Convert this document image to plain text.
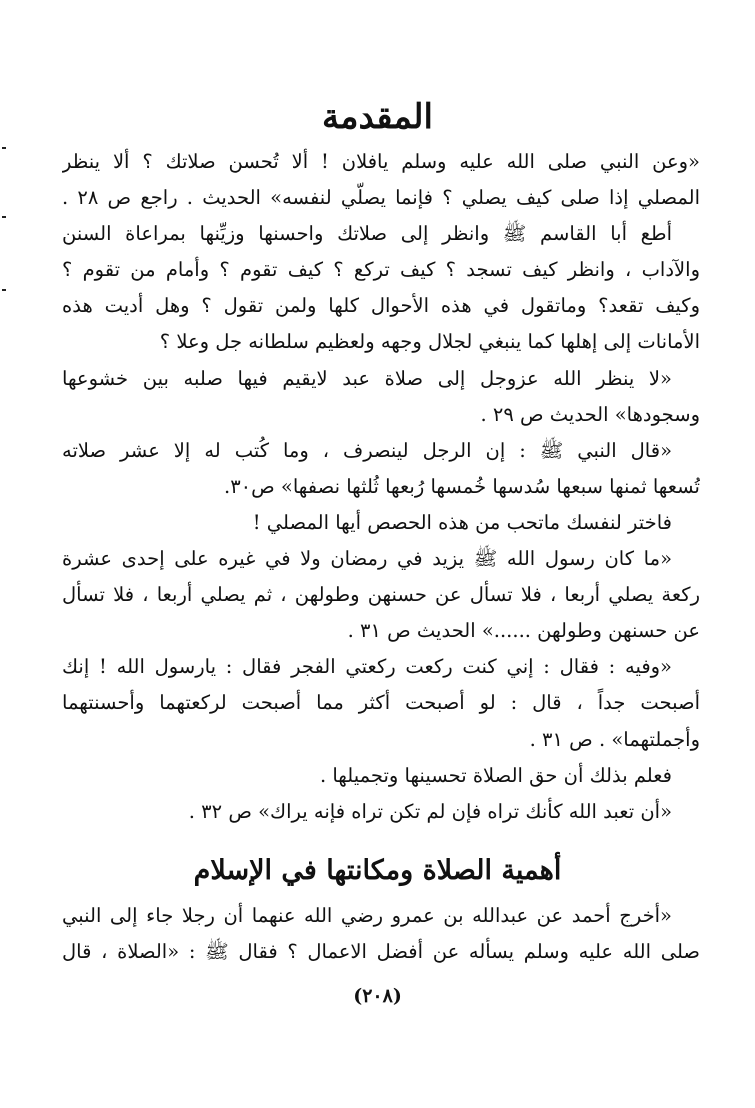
المقدمة
«وعن النبي صلى الله عليه وسلم يافلان ! ألا تُحسن صلاتك ؟ ألا ينظر
المصلي إذا صلى كيف يصلي ؟ فإنما يصلّي لنفسه» الحديث . راجع ص ٢٨ .
أطع أبا القاسم ﷺ وانظر إلى صلاتك واحسنها وزيِّنها بمراعاة السنن
والآداب ، وانظر كيف تسجد ؟ كيف تركع ؟ كيف تقوم ؟ وأمام من تقوم ؟
وكيف تقعد؟ وماتقول في هذه الأحوال كلها ولمن تقول ؟ وهل أديت هذه
الأمانات إلى إهلها كما ينبغي لجلال وجهه ولعظيم سلطانه جل وعلا ؟
«لا ينظر الله عزوجل إلى صلاة عبد لايقيم فيها صلبه بين خشوعها
وسجودها» الحديث ص ٢٩ .
«قال النبي ﷺ : إن الرجل لينصرف ، وما كُتب له إلا عشر صلاته
تُسعها ثمنها سبعها سُدسها خُمسها رُبعها ثُلثها نصفها» ص٣٠.
فاختر لنفسك ماتحب من هذه الحصص أيها المصلي !
«ما كان رسول الله ﷺ يزيد في رمضان ولا في غيره على إحدى عشرة
ركعة يصلي أربعا ، فلا تسأل عن حسنهن وطولهن ، ثم يصلي أربعا ، فلا تسأل
عن حسنهن وطولهن ......» الحديث ص ٣١ .
«وفيه : فقال : إني كنت ركعت ركعتي الفجر فقال : يارسول الله ! إنك
أصبحت جداً ، قال : لو أصبحت أكثر مما أصبحت لركعتهما وأحسنتهما
وأجملتهما» . ص ٣١ .
فعلم بذلك أن حق الصلاة تحسينها وتجميلها .
«أن تعبد الله كأنك تراه فإن لم تكن تراه فإنه يراك» ص ٣٢ .
أهمية الصلاة ومكانتها في الإسلام
«أخرج أحمد عن عبدالله بن عمرو رضي الله عنهما أن رجلا جاء إلى النبي
صلى الله عليه وسلم يسأله عن أفضل الاعمال ؟ فقال ﷺ : «الصلاة ، قال
(٢٠٨)
